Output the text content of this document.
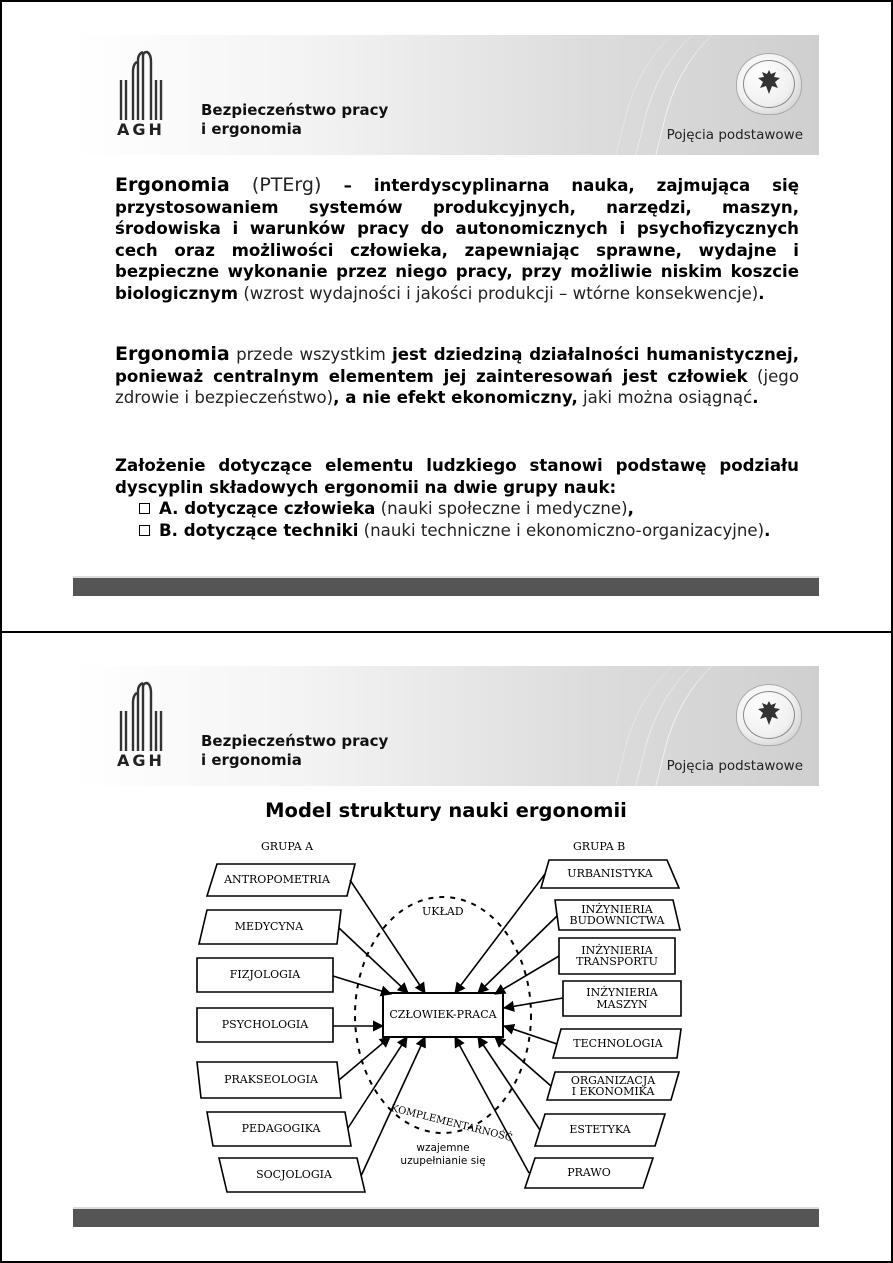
AGH
Bezpieczeństwo pracy
i ergonomia	Pojęcia podstawowe
Ergonomia (PTErg) – interdyscyplinarna nauka, zajmująca się przystosowaniem systemów produkcyjnych, narzędzi, maszyn, środowiska i warunków pracy do autonomicznych i psychofizycznych cech oraz możliwości człowieka, zapewniając sprawne, wydajne i bezpieczne wykonanie przez niego pracy, przy możliwie niskim koszcie biologicznym (wzrost wydajności i jakości produkcji – wtórne konsekwencje).
Ergonomia przede wszystkim jest dziedziną działalności humanistycznej, ponieważ centralnym elementem jej zainteresowań jest człowiek (jego zdrowie i bezpieczeństwo), a nie efekt ekonomiczny, jaki można osiągnąć.
Założenie dotyczące elementu ludzkiego stanowi podstawę podziału dyscyplin składowych ergonomii na dwie grupy nauk:
A. dotyczące człowieka (nauki społeczne i medyczne),
B. dotyczące techniki (nauki techniczne i ekonomiczno-organizacyjne).
AGH
Bezpieczeństwo pracy
i ergonomia	Pojęcia podstawowe
Model struktury nauki ergonomii
GRUPA A	GRUPA B
UKŁAD
ANTROPOMETRIA
MEDYCYNA
FIZJOLOGIA
PSYCHOLOGIA
PRAKSEOLOGIA
PEDAGOGIKA
SOCJOLOGIA
URBANISTYKA
INŻYNIERIA
BUDOWNICTWA
INŻYNIERIA
TRANSPORTU
INŻYNIERIA
MASZYN
TECHNOLOGIA
ORGANIZACJA
I EKONOMIKA
ESTETYKA
PRAWO
CZŁOWIEK-PRACA
KOMPLEMENTARNOŚĆ
wzajemne
uzupełnianie się
